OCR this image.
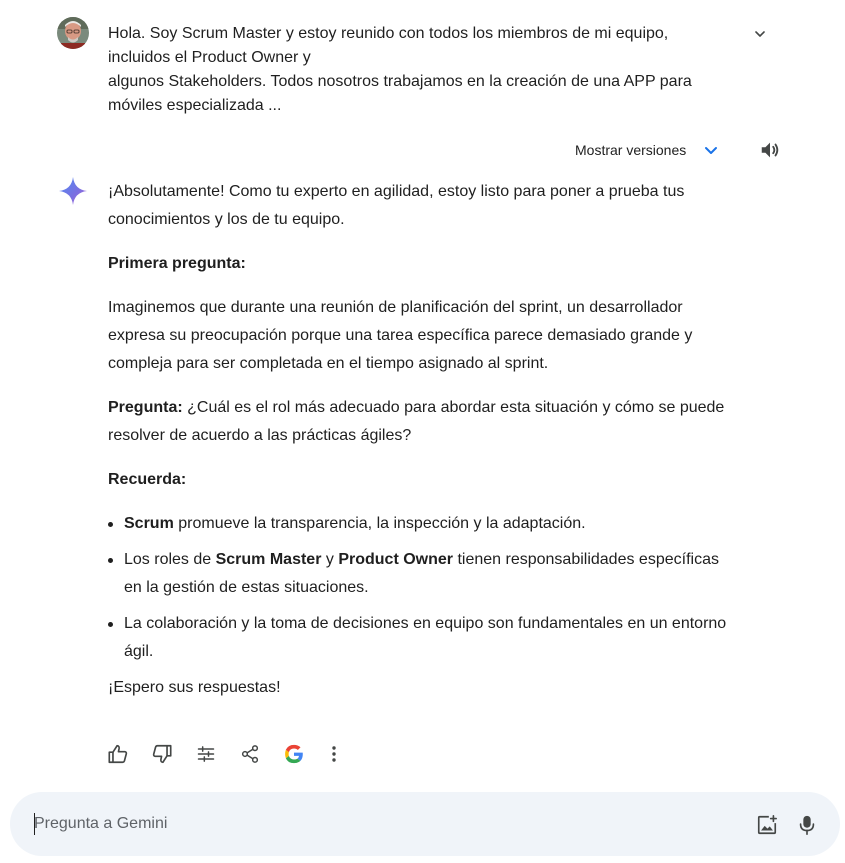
Hola. Soy Scrum Master y estoy reunido con todos los miembros de mi equipo,

incluidos el Product Owner y

algunos Stakeholders. Todos nosotros trabajamos en la creación de una APP para

móviles especializada ...

Mostrar versiones
¡Absolutamente! Como tu experto en agilidad, estoy listo para poner a prueba tus conocimientos y los de tu equipo.
Primera pregunta:
Imaginemos que durante una reunión de planificación del sprint, un desarrollador expresa su preocupación porque una tarea específica parece demasiado grande y compleja para ser completada en el tiempo asignado al sprint.
Pregunta: ¿Cuál es el rol más adecuado para abordar esta situación y cómo se puede resolver de acuerdo a las prácticas ágiles?
Recuerda:
Scrum promueve la transparencia, la inspección y la adaptación.
Los roles de Scrum Master y Product Owner tienen responsabilidades específicas en la gestión de estas situaciones.
La colaboración y la toma de decisiones en equipo son fundamentales en un entorno ágil.
¡Espero sus respuestas!
Pregunta a Gemini
